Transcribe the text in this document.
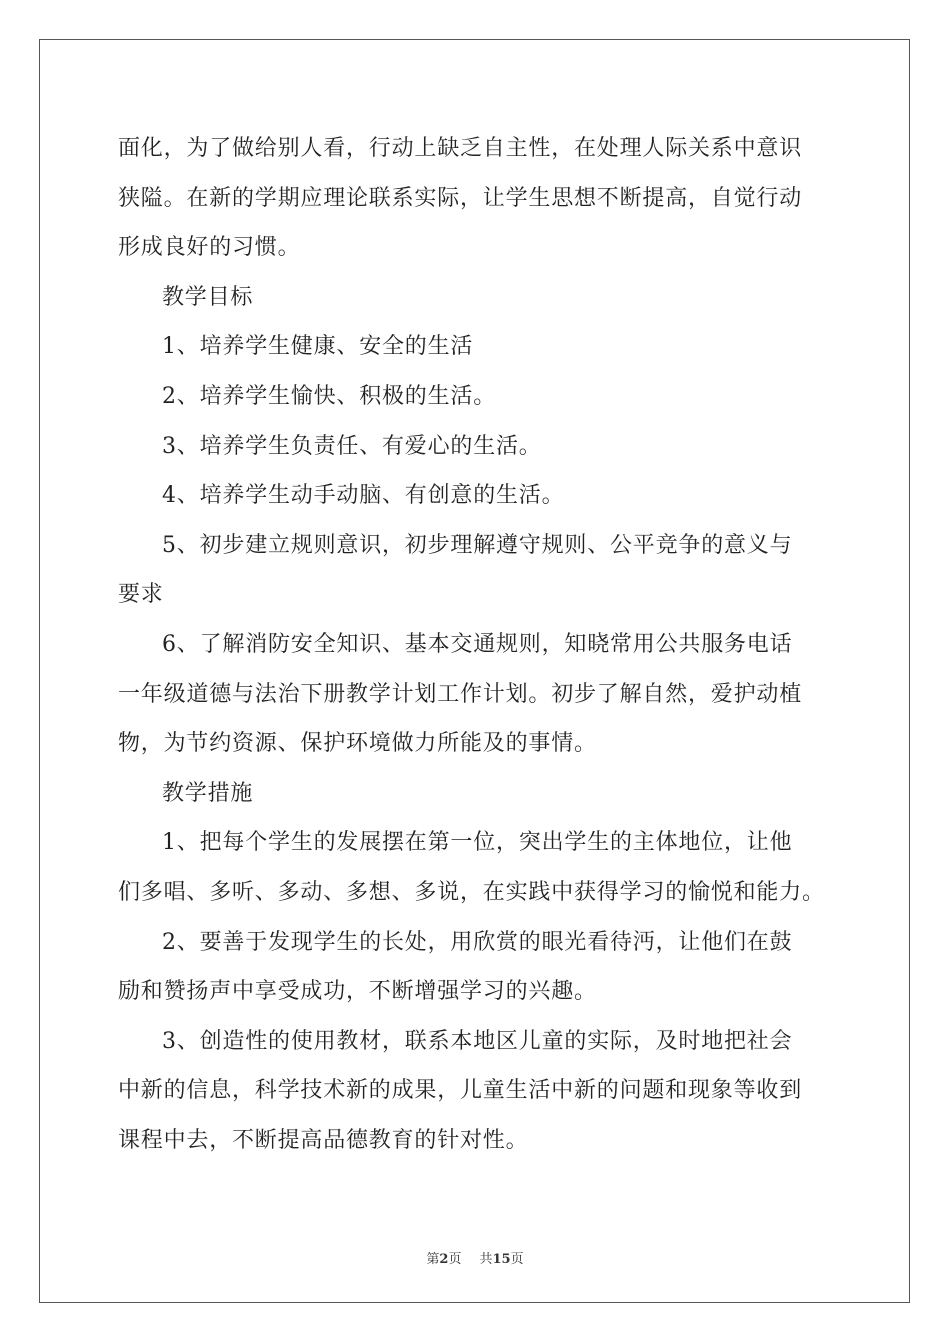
面化，为了做给别人看，行动上缺乏自主性，在处理人际关系中意识
狭隘。在新的学期应理论联系实际，让学生思想不断提高，自觉行动
形成良好的习惯。
教学目标
1、培养学生健康、安全的生活
2、培养学生愉快、积极的生活。
3、培养学生负责任、有爱心的生活。
4、培养学生动手动脑、有创意的生活。
5、初步建立规则意识，初步理解遵守规则、公平竞争的意义与
要求
6、了解消防安全知识、基本交通规则，知晓常用公共服务电话
一年级道德与法治下册教学计划工作计划。初步了解自然，爱护动植
物，为节约资源、保护环境做力所能及的事情。
教学措施
1、把每个学生的发展摆在第一位，突出学生的主体地位，让他
们多唱、多听、多动、多想、多说，在实践中获得学习的愉悦和能力。
2、要善于发现学生的长处，用欣赏的眼光看待沔，让他们在鼓
励和赞扬声中享受成功，不断增强学习的兴趣。
3、创造性的使用教材，联系本地区儿童的实际，及时地把社会
中新的信息，科学技术新的成果，儿童生活中新的问题和现象等收到
课程中去，不断提高品德教育的针对性。
第2页 共15页
